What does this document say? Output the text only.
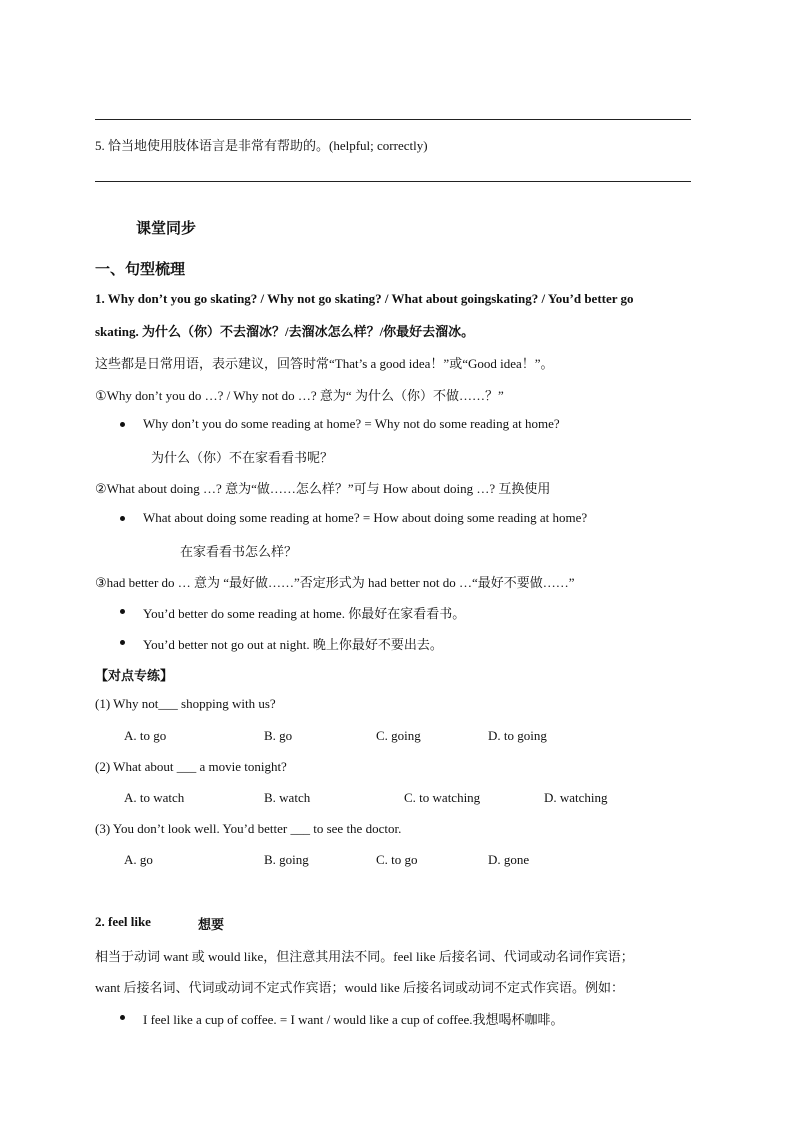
5. 恰当地使用肢体语言是非常有帮助的。(helpful; correctly)
课堂同步
一、句型梳理
1. Why don’t you go skating? / Why not go skating? / What about goingskating? / You’d better go
skating. 为什么（你）不去溜冰？/去溜冰怎么样？/你最好去溜冰。
这些都是日常用语，表示建议，回答时常“That’s a good idea！”或“Good idea！”。
①Why don’t you do …? / Why not do …? 意为“ 为什么（你）不做……？”
Why don’t you do some reading at home? = Why not do some reading at home?
为什么（你）不在家看看书呢？
②What about doing …? 意为“做……怎么样？”可与 How about doing …? 互换使用
What about doing some reading at home? = How about doing some reading at home?
在家看看书怎么样？
③had better do … 意为 “最好做……”否定形式为 had better not do …“最好不要做……”
You’d better do some reading at home. 你最好在家看看书。
You’d better not go out at night. 晚上你最好不要出去。
【对点专练】
(1) Why not___ shopping with us?
A. to go	B. go	C. going	D. to going
(2) What about ___ a movie tonight?
A. to watch	B. watch	C. to watching	D. watching
(3) You don’t look well. You’d better ___ to see the doctor.
A. go	B. going	C. to go	D. gone
2. feel like	想要
相当于动词 want 或 would like，但注意其用法不同。feel like 后接名词、代词或动名词作宾语；
want 后接名词、代词或动词不定式作宾语；would like 后接名词或动词不定式作宾语。例如：
I feel like a cup of coffee. = I want / would like a cup of coffee.我想喝杯咖啡。
